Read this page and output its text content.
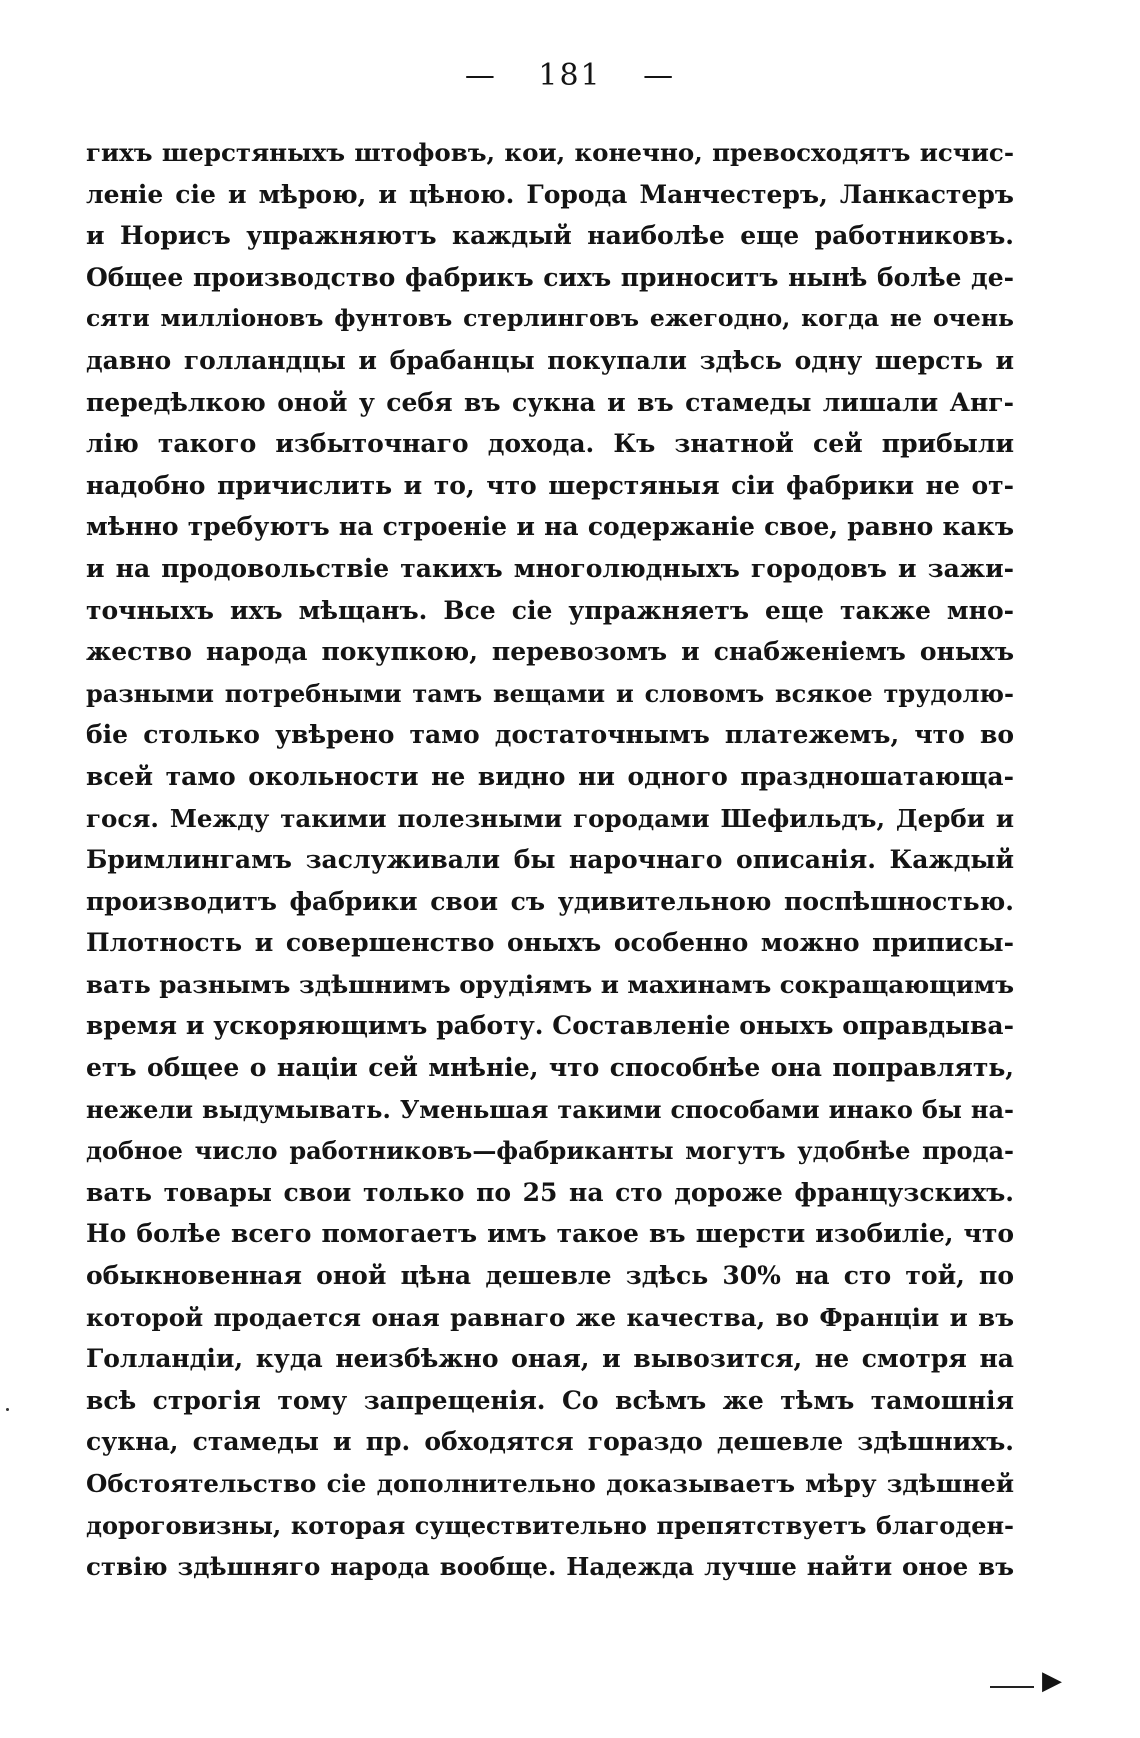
— 181 —
гихъ шерстяныхъ штофовъ, кои, конечно, превосходятъ исчис-
леніе сіе и мѣрою, и цѣною. Города Манчестеръ, Ланкастеръ
и Норисъ упражняютъ каждый наиболѣе еще работниковъ.
Общее производство фабрикъ сихъ приноситъ нынѣ болѣе де-
сяти милліоновъ фунтовъ стерлинговъ ежегодно, когда не очень
давно голландцы и брабанцы покупали здѣсь одну шерсть и
передѣлкою оной у себя въ сукна и въ стамеды лишали Анг-
лію такого избыточнаго дохода. Къ знатной сей прибыли
надобно причислить и то, что шерстяныя сіи фабрики не от-
мѣнно требуютъ на строеніе и на содержаніе свое, равно какъ
и на продовольствіе такихъ многолюдныхъ городовъ и зажи-
точныхъ ихъ мѣщанъ. Все сіе упражняетъ еще также мно-
жество народа покупкою, перевозомъ и снабженіемъ оныхъ
разными потребными тамъ вещами и словомъ всякое трудолю-
біе столько увѣрено тамо достаточнымъ платежемъ, что во
всей тамо окольности не видно ни одного праздношатающа-
гося. Между такими полезными городами Шефильдъ, Дерби и
Бримлингамъ заслуживали бы нарочнаго описанія. Каждый
производитъ фабрики свои съ удивительною поспѣшностью.
Плотность и совершенство оныхъ особенно можно приписы-
вать разнымъ здѣшнимъ орудіямъ и махинамъ сокращающимъ
время и ускоряющимъ работу. Составленіе оныхъ оправдыва-
етъ общее о націи сей мнѣніе, что способнѣе она поправлять,
нежели выдумывать. Уменьшая такими способами инако бы на-
добное число работниковъ—фабриканты могутъ удобнѣе прода-
вать товары свои только по 25 на сто дороже французскихъ.
Но болѣе всего помогаетъ имъ такое въ шерсти изобиліе, что
обыкновенная оной цѣна дешевле здѣсь 30% на сто той, по
которой продается оная равнаго же качества, во Франціи и въ
Голландіи, куда неизбѣжно оная, и вывозится, не смотря на
всѣ строгія тому запрещенія. Со всѣмъ же тѣмъ тамошнія
сукна, стамеды и пр. обходятся гораздо дешевле здѣшнихъ.
Обстоятельство сіе дополнительно доказываетъ мѣру здѣшней
дороговизны, которая существительно препятствуетъ благоден-
ствію здѣшняго народа вообще. Надежда лучше найти оное въ
▶
